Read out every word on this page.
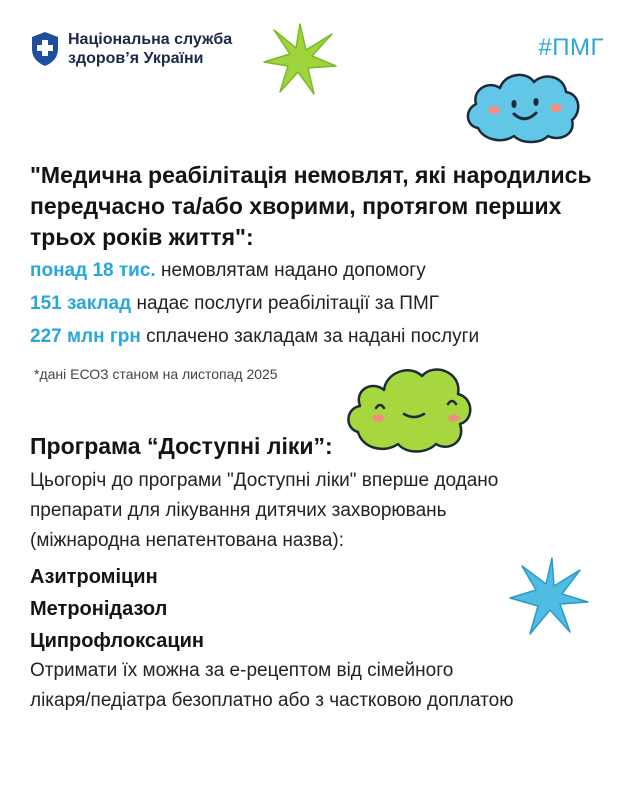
Національна служба
здоров’я України	#ПМГ
"Медична реабілітація немовлят, які народились
передчасно та/або хворими, протягом перших
трьох років життя":
понад 18 тис. немовлятам надано допомогу
151 заклад надає послуги реабілітації за ПМГ
227 млн грн сплачено закладам за надані послуги
*дані ЕСОЗ станом на листопад 2025
Програма “Доступні ліки”:
Цьогоріч до програми "Доступні ліки" вперше додано
препарати для лікування дитячих захворювань
(міжнародна непатентована назва):
Азитроміцин
Метронідазол
Ципрофлоксацин
Отримати їх можна за е-рецептом від сімейного
лікаря/педіатра безоплатно або з частковою доплатою
